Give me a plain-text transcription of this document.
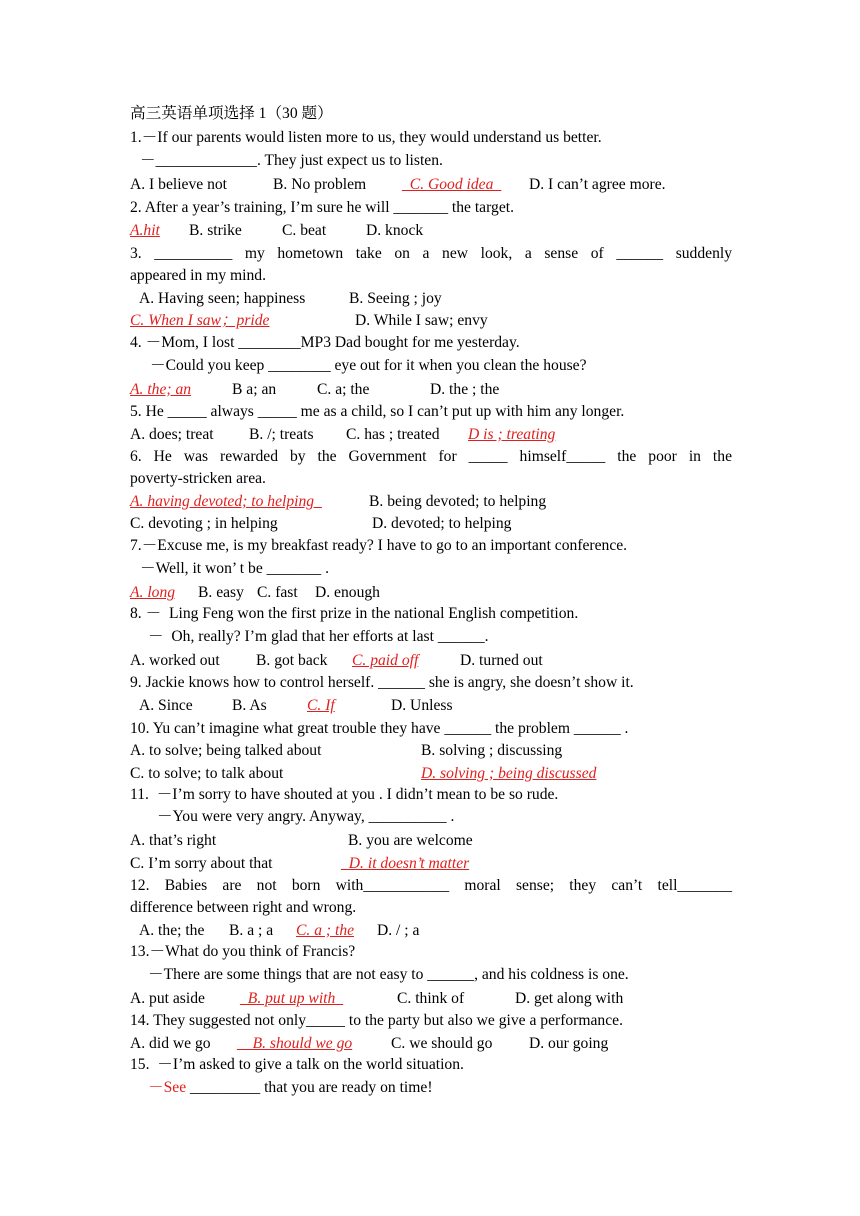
高三英语单项选择 1（30 题）
1.－If our parents would listen more to us, they would understand us better.
－_____________. They just expect us to listen.

A. I believe not

	B. No problem

_C. Good idea_

D. I can’t agree more.

2. After a year’s training, I’m sure he will _______ the target.

A.hit

B. strike

	C. beat

	D. knock

3. __________ my hometown take on a new look, a sense of ______ suddenly
appeared in my mind.

A. Having seen; happiness

	B. Seeing ; joy

C. When I saw；pride

	D. While I saw; envy

4. －Mom, I lost ________MP3 Dad bought for me yesterday.
－Could you keep ________ eye out for it when you clean the house?

A. the; an

	B a; an

	C. a; the

	D. the ; the

5. He _____ always _____ me as a child, so I can’t put up with him any longer.

A. does; treat

B. /; treats

C. has ; treated

D is ; treating

6. He was rewarded by the Government for _____ himself_____ the poor in the
poverty-stricken area.

A. having devoted; to helping_

	B. being devoted; to helping

C. devoting ; in helping

	D. devoted; to helping

7.－Excuse me, is my breakfast ready? I have to go to an important conference.
－Well, it won’ t be _______ .

A. long

B. easy

C. fast

D. enough

8. －  Ling Feng won the first prize in the national English competition.
－  Oh, really? I’m glad that her efforts at last ______.

A. worked out

B. got back

C. paid off

	D. turned out

9. Jackie knows how to control herself. ______ she is angry, she doesn’t show it.

A. Since

	B. As

	C. If

	D. Unless

10. Yu can’t imagine what great trouble they have ______ the problem ______ .

A. to solve; being talked about

	B. solving ; discussing

C. to solve; to talk about

	D. solving ; being discussed

11.  －I’m sorry to have shouted at you . I didn’t mean to be so rude.
－You were very angry. Anyway, __________ .

A. that’s right

	B. you are welcome

C. I’m sorry about that

	_D. it doesn’t matter

12. Babies are not born with___________ moral sense; they can’t tell_______
difference between right and wrong.

A. the; the

B. a ; a

C. a ; the

D. / ; a

13.－What do you think of Francis?
－There are some things that are not easy to ______, and his coldness is one.

A. put aside

_B. put up with_

	C. think of

	D. get along with

14. They suggested not only_____ to the party but also we give a performance.

A. did we go

__B. should we go

C. we should go

D. our going

15.  －I’m asked to give a talk on the world situation.
－See _________ that you are ready on time!
